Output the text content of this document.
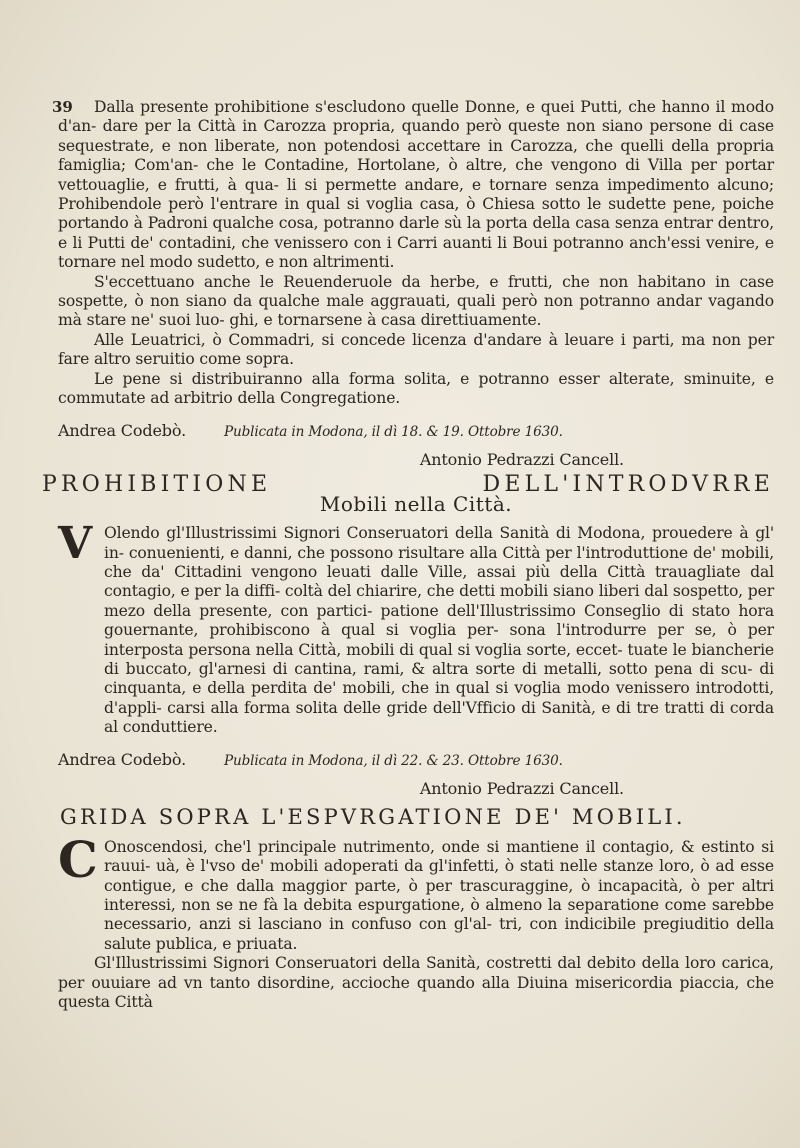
39	Dalla presente prohibitione s'escludono quelle Donne, e quei Putti, che hanno il modo d'an- dare per la Città in Carozza propria, quando però queste non siano persone di case sequestrate, e non liberate, non potendosi accettare in Carozza, che quelli della propria famiglia; Com'an- che le Contadine, Hortolane, ò altre, che vengono di Villa per portar vettouaglie, e frutti, à qua- li si permette andare, e tornare senza impedimento alcuno; Prohibendole però l'entrare in qual si voglia casa, ò Chiesa sotto le sudette pene, poiche portando à Padroni qualche cosa, potranno darle sù la porta della casa senza entrar dentro, e li Putti de' contadini, che venissero con i Carri auanti li Boui potranno anch'essi venire, e tornare nel modo sudetto, e non altrimenti.

S'eccettuano anche le Reuenderuole da herbe, e frutti, che non habitano in case sospette, ò non siano da qualche male aggrauati, quali però non potranno andar vagando mà stare ne' suoi luo- ghi, e tornarsene à casa direttiuamente.

Alle Leuatrici, ò Commadri, si concede licenza d'andare à leuare i parti, ma non per fare altro seruitio come sopra.

Le pene si distribuiranno alla forma solita, e potranno esser alterate, sminuite, e commutate ad arbitrio della Congregatione.

Andrea Codebò.	Publicata in Modona, il dì 18. & 19. Ottobre 1630.
Antonio Pedrazzi Cancell.
PROHIBITIONE DELL'INTRODVRRE
Mobili nella Città.
V Olendo gl'Illustrissimi Signori Conseruatori della Sanità di Modona, prouedere à gl' in- conuenienti, e danni, che possono risultare alla Città per l'introduttione de' mobili, che da' Cittadini vengono leuati dalle Ville, assai più della Città trauagliate dal contagio, e per la diffi- coltà del chiarire, che detti mobili siano liberi dal sospetto, per mezo della presente, con partici- patione dell'Illustrissimo Conseglio di stato hora gouernante, prohibiscono à qual si voglia per- sona l'introdurre per se, ò per interposta persona nella Città, mobili di qual si voglia sorte, eccet- tuate le biancherie di buccato, gl'arnesi di cantina, rami, & altra sorte di metalli, sotto pena di scu- di cinquanta, e della perdita de' mobili, che in qual si voglia modo venissero introdotti, d'appli- carsi alla forma solita delle gride dell'Vfficio di Sanità, e di tre tratti di corda al conduttiere.

Andrea Codebò.	Publicata in Modona, il dì 22. & 23. Ottobre 1630.
Antonio Pedrazzi Cancell.
GRIDA SOPRA L'ESPVRGATIONE DE' MOBILI.
C Onoscendosi, che'l principale nutrimento, onde si mantiene il contagio, & estinto si rauui- uà, è l'vso de' mobili adoperati da gl'infetti, ò stati nelle stanze loro, ò ad esse contigue, e che dalla maggior parte, ò per trascuraggine, ò incapacità, ò per altri interessi, non se ne fà la debita espurgatione, ò almeno la separatione come sarebbe necessario, anzi si lasciano in confuso con gl'al- tri, con indicibile pregiuditio della salute publica, e priuata.

Gl'Illustrissimi Signori Conseruatori della Sanità, costretti dal debito della loro carica, per ouuiare ad vn tanto disordine, accioche quando alla Diuina misericordia piaccia, che questa Città
